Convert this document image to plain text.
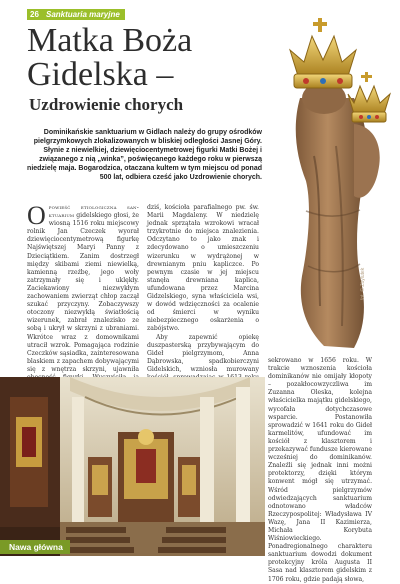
26 Sanktuaria maryjne
Matka Boża
Gidelska –
Uzdrowienie chorych

Dominikańskie sanktuarium w Gidlach należy do grupy ośrodków pielgrzymkowych zlokalizowanych w bliskiej odległości Jasnej Góry. Słynie z niewielkiej, dziewięciocentymetrowej figurki Matki Bożej i związanego z nią „winka”, poświęcanego każdego roku w pierwszą niedzielę maja. Bogarodzica, otaczana kultem w tym miejscu od ponad 500 lat, odbiera cześć jako Uzdrowienie chorych.

fot. © Zbylutek

Opowieść etiologiczna san-ktuarium gidelskiego głosi, że wiosną 1516 roku miejscowy rolnik Jan Czeczek wyorał dziewięciocentymetrową figurkę Najświętszej Maryi Panny z Dzieciątkiem. Zanim dostrzegł między skibami ziemi niewielką, kamienną rzeźbę, jego woły zatrzymały się i uklękły. Zaciekawiony niezwykłym zachowaniem zwierząt chłop zaczął szukać przyczyny. Zobaczywszy otoczony niezwykłą światłością wizerunek, zabrał znalezisko ze sobą i ukrył w skrzyni z ubraniami. Wkrótce wraz z domownikami utracił wzrok. Pomagająca rodzinie Czeczków sąsiadka, zainteresowana blaskiem z zapachem dobywającymi się z wnętrza skrzyni, ujawniła

dziś, kościoła parafialnego pw. św. Marii Magdaleny. W niedzielę jednak sprzątała wzrokowi wracał trzykrotnie do miejsca znalezienia. Odczytano to jako znak i zdecydowano o umieszczeniu wizerunku w wydrążonej w drewnianym pniu kapliczce. Po pewnym czasie w jej miejscu stanęła drewniana kaplica, ufundowana przez Marcina Gidzelskiego, syna właściciela wsi, w dowód wdzięczności za ocalenie od śmierci w wyniku niebezpiecznego oskarżenia o zabójstwo.

Aby zapewnić opiekę duszpasterską przybywającym do Gideł pielgrzymom, Anna Dąbrowska, spadkobierczyni Gidelskich, wzniosła murowany

sekrowano w 1656 roku. W trakcie wznoszenia kościoła dominikanów nie omijały kłopoty – pozakłocowzyczliwa im Zuzanna Oleska, kolejna właścicielka majątku gidelskiego, wycofała dotychczasowe wsparcie. Postanowiła sprowadzić w 1641 roku do Gideł karmelitów, ufundować im kościół z klasztorem i przekazywać fundusze kierowane wcześniej do dominikanów. Znaleźli się jednak inni możni protektorzy, dzięki którym konwent mógł się utrzymać. Wśród pielgrzymów odwiedzających sanktuarium odnotowano władców Rzeczypospolitej: Władysława IV Wazę, Jana II Kazimierza, Michała Korybuta Wiśniowieckiego. Ponadregionalnego charakteru sanktuarium dowodzi dokument protekcyjny króla Augusta II Sasa nad klasztorem gidelskim z 1706 roku, gdzie padają słowa,

Nawa główna
